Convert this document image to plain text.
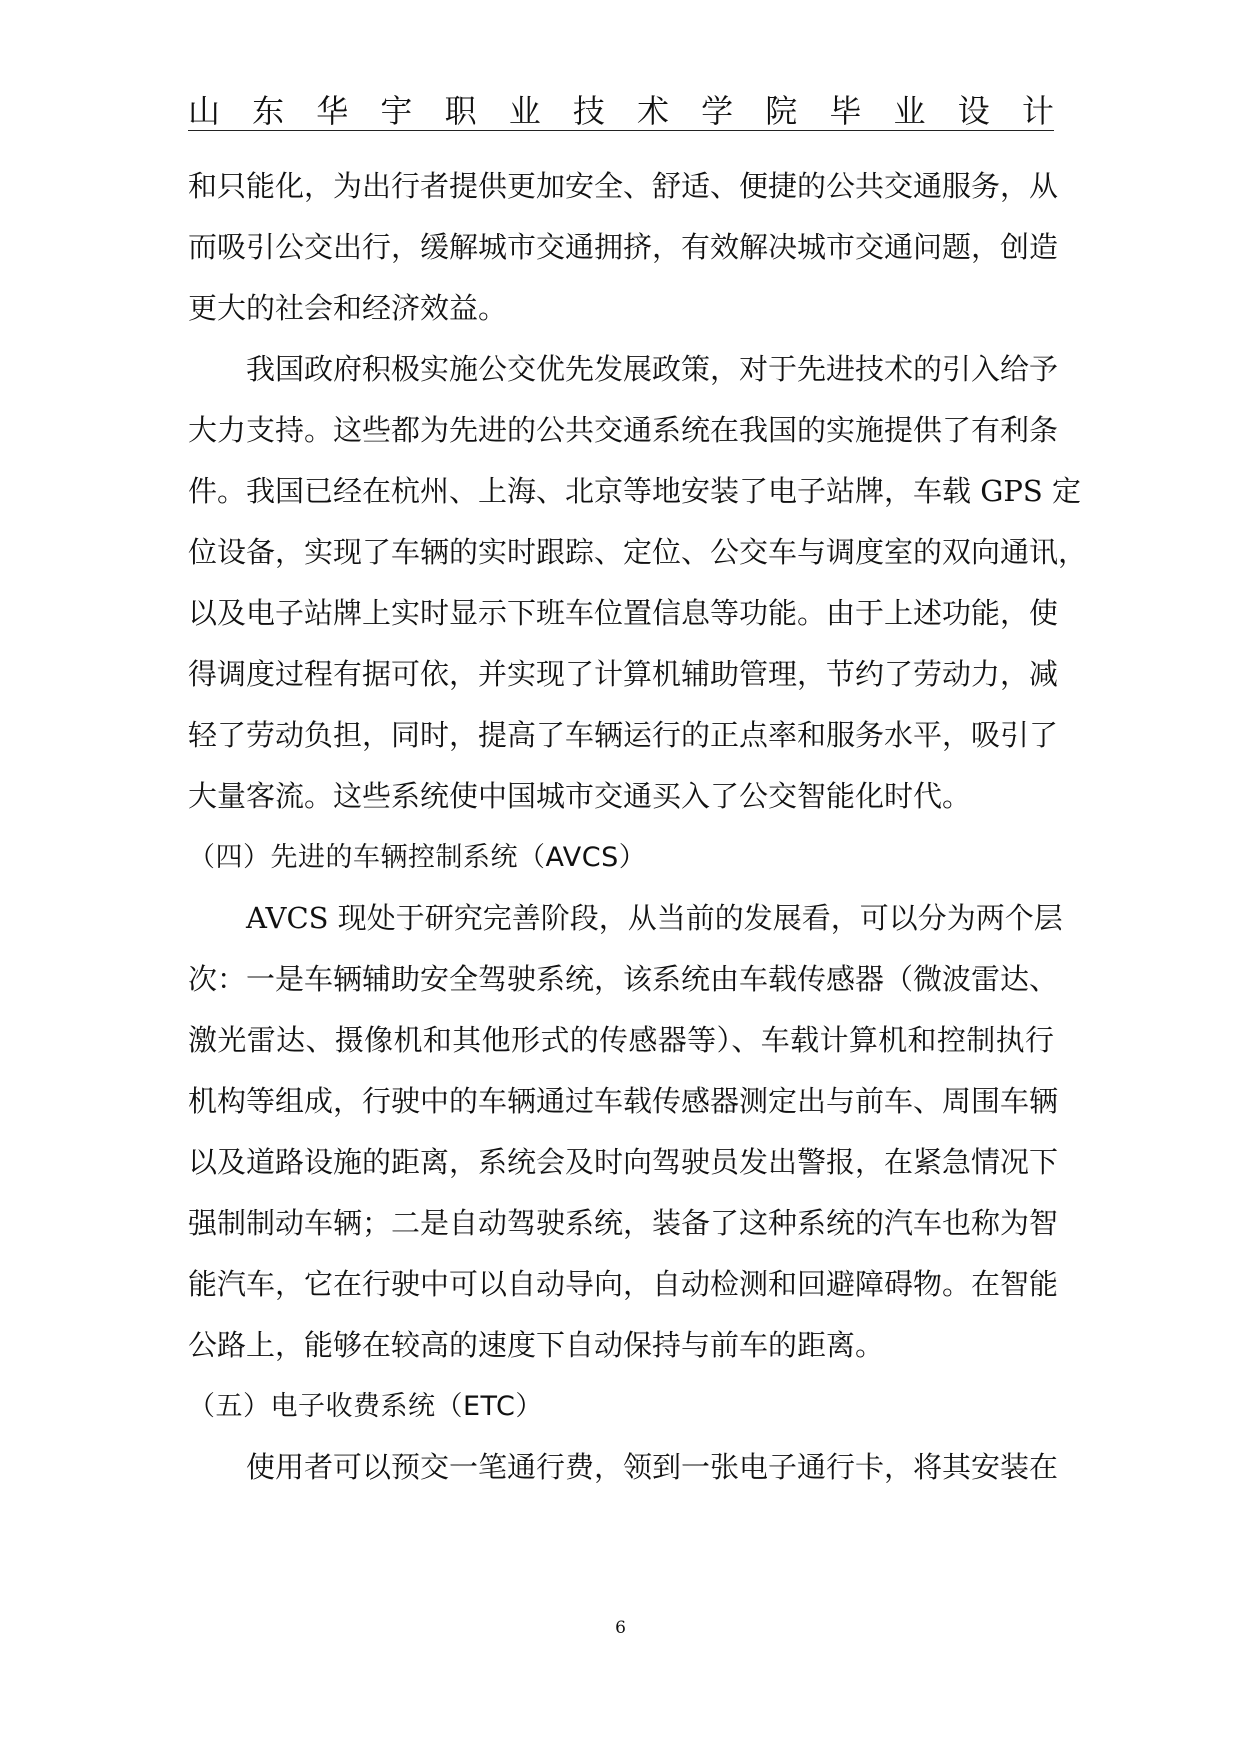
山 东 华 宇 职 业 技 术 学 院 毕 业 设 计
和只能化，为出行者提供更加安全、舒适、便捷的公共交通服务，从
而吸引公交出行，缓解城市交通拥挤，有效解决城市交通问题，创造
更大的社会和经济效益。
我国政府积极实施公交优先发展政策，对于先进技术的引入给予
大力支持。这些都为先进的公共交通系统在我国的实施提供了有利条
件。我国已经在杭州、上海、北京等地安装了电子站牌，车载 GPS 定
位设备，实现了车辆的实时跟踪、定位、公交车与调度室的双向通讯，
以及电子站牌上实时显示下班车位置信息等功能。由于上述功能，使
得调度过程有据可依，并实现了计算机辅助管理，节约了劳动力，减
轻了劳动负担，同时，提高了车辆运行的正点率和服务水平，吸引了
大量客流。这些系统使中国城市交通买入了公交智能化时代。
（四）先进的车辆控制系统（AVCS）
AVCS 现处于研究完善阶段，从当前的发展看，可以分为两个层
次：一是车辆辅助安全驾驶系统，该系统由车载传感器（微波雷达、
激光雷达、摄像机和其他形式的传感器等）、车载计算机和控制执行
机构等组成，行驶中的车辆通过车载传感器测定出与前车、周围车辆
以及道路设施的距离，系统会及时向驾驶员发出警报，在紧急情况下
强制制动车辆；二是自动驾驶系统，装备了这种系统的汽车也称为智
能汽车，它在行驶中可以自动导向，自动检测和回避障碍物。在智能
公路上，能够在较高的速度下自动保持与前车的距离。
（五）电子收费系统（ETC）
使用者可以预交一笔通行费，领到一张电子通行卡，将其安装在
6
